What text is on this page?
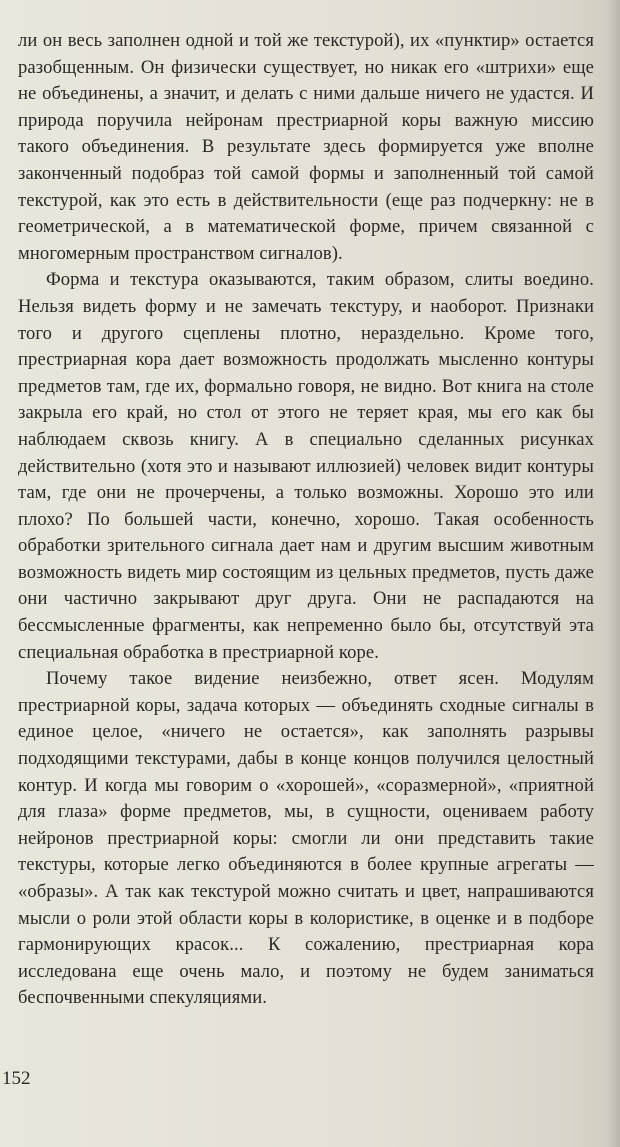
ли он весь заполнен одной и той же текстурой), их «пунктир» остается разобщенным. Он физически существует, но никак его «штрихи» еще не объединены, а значит, и делать с ними дальше ничего не удастся. И природа поручила нейронам престриарной коры важную миссию такого объединения. В результате здесь формируется уже вполне законченный подобраз той самой формы и заполненный той самой текстурой, как это есть в действительности (еще раз подчеркну: не в геометрической, а в математической форме, причем связанной с многомерным пространством сигналов).

Форма и текстура оказываются, таким образом, слиты воедино. Нельзя видеть форму и не замечать текстуру, и наоборот. Признаки того и другого сцеплены плотно, нераздельно. Кроме того, престриарная кора дает возможность продолжать мысленно контуры предметов там, где их, формально говоря, не видно. Вот книга на столе закрыла его край, но стол от этого не теряет края, мы его как бы наблюдаем сквозь книгу. А в специально сделанных рисунках действительно (хотя это и называют иллюзией) человек видит контуры там, где они не прочерчены, а только возможны. Хорошо это или плохо? По большей части, конечно, хорошо. Такая особенность обработки зрительного сигнала дает нам и другим высшим животным возможность видеть мир состоящим из цельных предметов, пусть даже они частично закрывают друг друга. Они не распадаются на бессмысленные фрагменты, как непременно было бы, отсутствуй эта специальная обработка в престриарной коре.

Почему такое видение неизбежно, ответ ясен. Модулям престриарной коры, задача которых — объединять сходные сигналы в единое целое, «ничего не остается», как заполнять разрывы подходящими текстурами, дабы в конце концов получился целостный контур. И когда мы говорим о «хорошей», «соразмерной», «приятной для глаза» форме предметов, мы, в сущности, оцениваем работу нейронов престриарной коры: смогли ли они представить такие текстуры, которые легко объединяются в более крупные агрегаты — «образы». А так как текстурой можно считать и цвет, напрашиваются мысли о роли этой области коры в колористике, в оценке и в подборе гармонирующих красок... К сожалению, престриарная кора исследована еще очень мало, и поэтому не будем заниматься беспочвенными спекуляциями.

152
